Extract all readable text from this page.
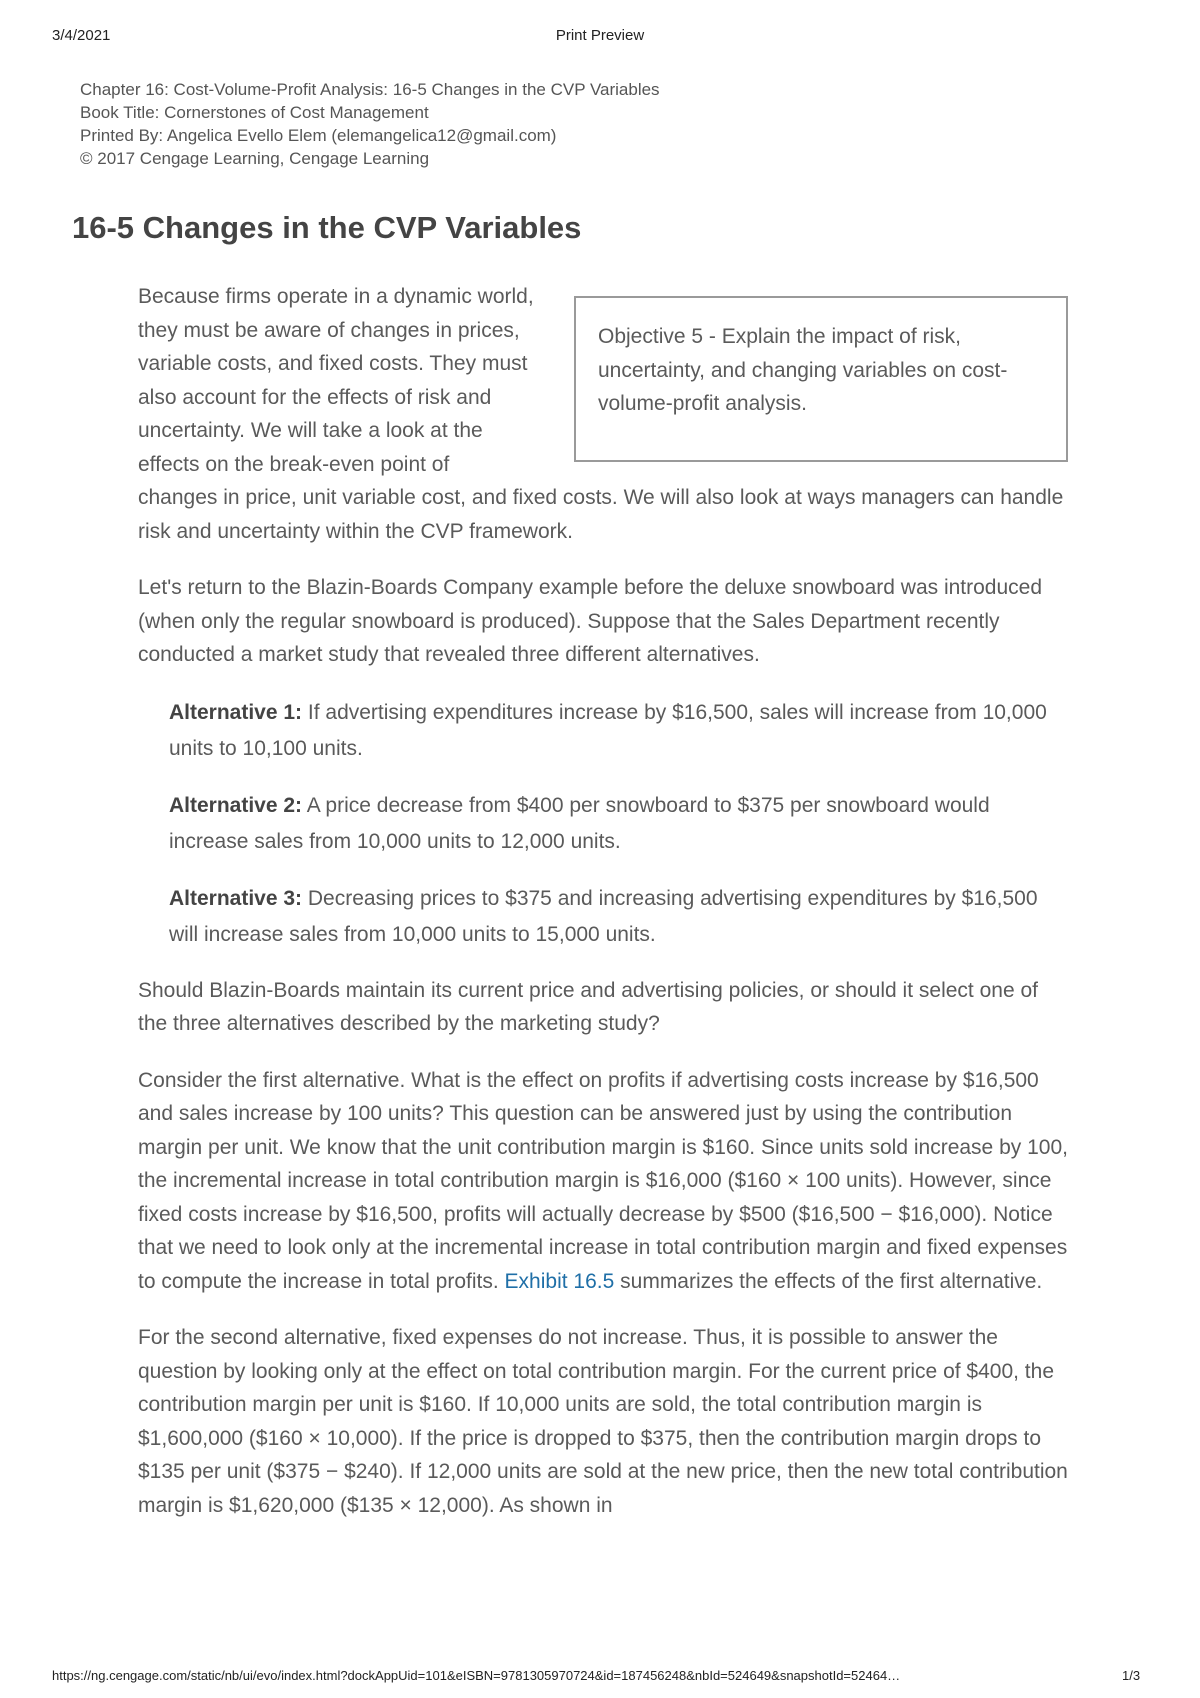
3/4/2021	Print Preview
Chapter 16: Cost-Volume-Profit Analysis: 16-5 Changes in the CVP Variables
Book Title: Cornerstones of Cost Management
Printed By: Angelica Evello Elem (elemangelica12@gmail.com)
© 2017 Cengage Learning, Cengage Learning
16-5 Changes in the CVP Variables
Objective 5 - Explain the impact of risk, uncertainty, and changing variables on cost-volume-profit analysis.

Because firms operate in a dynamic world, they must be aware of changes in prices, variable costs, and fixed costs. They must also account for the effects of risk and uncertainty. We will take a look at the effects on the break-even point of changes in price, unit variable cost, and fixed costs. We will also look at ways managers can handle risk and uncertainty within the CVP framework.

Let's return to the Blazin-Boards Company example before the deluxe snowboard was introduced (when only the regular snowboard is produced). Suppose that the Sales Department recently conducted a market study that revealed three different alternatives.

Alternative 1: If advertising expenditures increase by $16,500, sales will increase from 10,000 units to 10,100 units.

Alternative 2: A price decrease from $400 per snowboard to $375 per snowboard would increase sales from 10,000 units to 12,000 units.

Alternative 3: Decreasing prices to $375 and increasing advertising expenditures by $16,500 will increase sales from 10,000 units to 15,000 units.

Should Blazin-Boards maintain its current price and advertising policies, or should it select one of the three alternatives described by the marketing study?

Consider the first alternative. What is the effect on profits if advertising costs increase by $16,500 and sales increase by 100 units? This question can be answered just by using the contribution margin per unit. We know that the unit contribution margin is $160. Since units sold increase by 100, the incremental increase in total contribution margin is $16,000 ($160 × 100 units). However, since fixed costs increase by $16,500, profits will actually decrease by $500 ($16,500 − $16,000). Notice that we need to look only at the incremental increase in total contribution margin and fixed expenses to compute the increase in total profits. Exhibit 16.5 summarizes the effects of the first alternative.

For the second alternative, fixed expenses do not increase. Thus, it is possible to answer the question by looking only at the effect on total contribution margin. For the current price of $400, the contribution margin per unit is $160. If 10,000 units are sold, the total contribution margin is $1,600,000 ($160 × 10,000). If the price is dropped to $375, then the contribution margin drops to $135 per unit ($375 − $240). If 12,000 units are sold at the new price, then the new total contribution margin is $1,620,000 ($135 × 12,000). As shown in

https://ng.cengage.com/static/nb/ui/evo/index.html?dockAppUid=101&eISBN=9781305970724&id=187456248&nbId=524649&snapshotId=52464…	1/3
